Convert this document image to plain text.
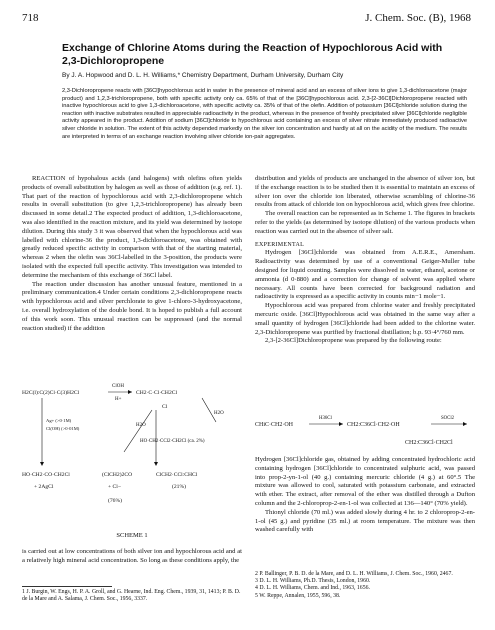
718	J. Chem. Soc. (B), 1968
Exchange of Chlorine Atoms during the Reaction of Hypochlorous Acid with 2,3-Dichloropropene
By J. A. Hopwood and D. L. H. Williams,* Chemistry Department, Durham University, Durham City
2,3-Dichloropropene reacts with [36Cl]hypochlorous acid in water in the presence of mineral acid and an excess of silver ions to give 1,3-dichloroacetone (major product) and 1,2,3-trichloropropene, both with specific activity only ca. 65% of that of the [36Cl]hypochlorous acid. 2,3-[2-36Cl]Dichloropropene reacted with inactive hypochlorous acid to give 1,3-dichloroacetone, with specific activity ca. 35% of that of the olefin. Addition of potassium [36Cl]chloride solution during the reaction with inactive substrates resulted in appreciable radioactivity in the product, whereas in the presence of freshly precipitated silver [36Cl]chloride negligible activity appeared in the product. Addition of sodium [36Cl]chloride to hypochlorous acid containing an excess of silver nitrate immediately produced radioactive silver chloride in solution. The extent of this activity depended markedly on the silver ion concentration and hardly at all on the acidity of the medium. The results are interpreted in terms of an exchange reaction involving silver chloride ion-pair aggregates.

REACTION of hypohalous acids (and halogens) with olefins often yields products of overall substitution by halogen as well as those of addition (e.g. ref. 1). That part of the reaction of hypochlorous acid with 2,3-dichloropropene which results in overall substitution (to give 1,2,3-trichloropropene) has already been discussed in some detail.2 The expected product of addition, 1,3-dichloroacetone, was also identified in the reaction mixture, and its yield was determined by isotope dilution. During this study 3 it was observed that when the hypochlorous acid was labelled with chlorine-36 the product, 1,3-dichloroacetone, was obtained with greatly reduced specific activity in comparison with that of the starting material, whereas 2 when the olefin was 36Cl-labelled in the 3-position, the products were isolated with the expected full specific activity. This investigation was intended to determine the mechanism of this exchange of 36Cl label.

The reaction under discussion has another unusual feature, mentioned in a preliminary communication.4 Under certain conditions 2,3-dichloropropene reacts with hypochlorous acid and silver perchlorate to give 1-chloro-3-hydroxyacetone, i.e. overall hydroxylation of the double bond. It is hoped to publish a full account of this work soon. This unusual reaction can be suppressed (and the normal reaction studied) if the addition

H2C(l):C(2)Cl·C(3)H2Cl
ClOH
H+
CH2·C·Cl·CH2Cl
Cl
H2O
Ag+ (>0·1M)
Cl(OH) (>0·01M)
H2O
HO·CH2·CCl2·CH2Cl (ca. 2%)
HO·CH2·CO·CH2Cl
+ 2AgCl
(ClCH2)2CO
+ Cl−
(76%)
ClCH2·CCl:CHCl
(21%)
SCHEME 1

is carried out at low concentrations of both silver ion and hypochlorous acid and at a relatively high mineral acid concentration. So long as these conditions apply, the

1 J. Burgin, W. Engs, H. P. A. Groll, and G. Hearne, Ind. Eng. Chem., 1939, 31, 1413; P. B. D. de la Mare and A. Salama, J. Chem. Soc., 1956, 3337.

distribution and yields of products are unchanged in the absence of silver ion, but if the exchange reaction is to be studied then it is essential to maintain an excess of silver ion over the chloride ion liberated, otherwise scrambling of chlorine-36 results from attack of chloride ion on hypochlorous acid, which gives free chlorine.

The overall reaction can be represented as in Scheme 1. The figures in brackets refer to the yields (as determined by isotope dilution) of the various products when reaction was carried out in the absence of silver salt.

EXPERIMENTAL

Hydrogen [36Cl]chloride was obtained from A.E.R.E., Amersham. Radioactivity was determined by use of a conventional Geiger-Muller tube designed for liquid counting. Samples were dissolved in water, ethanol, acetone or ammonia (d 0·880) and a correction for change of solvent was applied where necessary. All counts have been corrected for background radiation and radioactivity is expressed as a specific activity in counts min−1 mole−1.

Hypochlorous acid was prepared from chlorine water and freshly precipitated mercuric oxide. [36Cl]Hypochlorous acid was obtained in the same way after a small quantity of hydrogen [36Cl]chloride had been added to the chlorine water. 2,3-Dichloropropene was purified by fractional distillation; b.p. 93·4°/760 mm.

2,3-[2-36Cl]Dichloropropene was prepared by the following route:

CHiC·CH2·OH
H36Cl
CH2:C36Cl·CH2·OH
SOCl2
CH2:C36Cl·CH2Cl

Hydrogen [36Cl]chloride gas, obtained by adding concentrated hydrochloric acid containing hydrogen [36Cl]chloride to concentrated sulphuric acid, was passed into prop-2-yn-1-ol (40 g.) containing mercuric chloride (4 g.) at 60°.5 The mixture was allowed to cool, saturated with potassium carbonate, and extracted with ether. The extract, after removal of the ether was distilled through a Dufton column and the 2-chloroprop-2-en-1-ol was collected at 136—140° (70% yield).

Thionyl chloride (70 ml.) was added slowly during 4 hr. to 2 chloroprop-2-en-1-ol (45 g.) and pyridine (35 ml.) at room temperature. The mixture was then washed carefully with

2 P. Ballinger, P. B. D. de la Mare, and D. L. H. Williams, J. Chem. Soc., 1960, 2467.
3 D. L. H. Williams, Ph.D. Thesis, London, 1960.
4 D. L. H. Williams, Chem. and Ind., 1963, 1656.
5 W. Reppe, Annalen, 1955, 596, 38.
